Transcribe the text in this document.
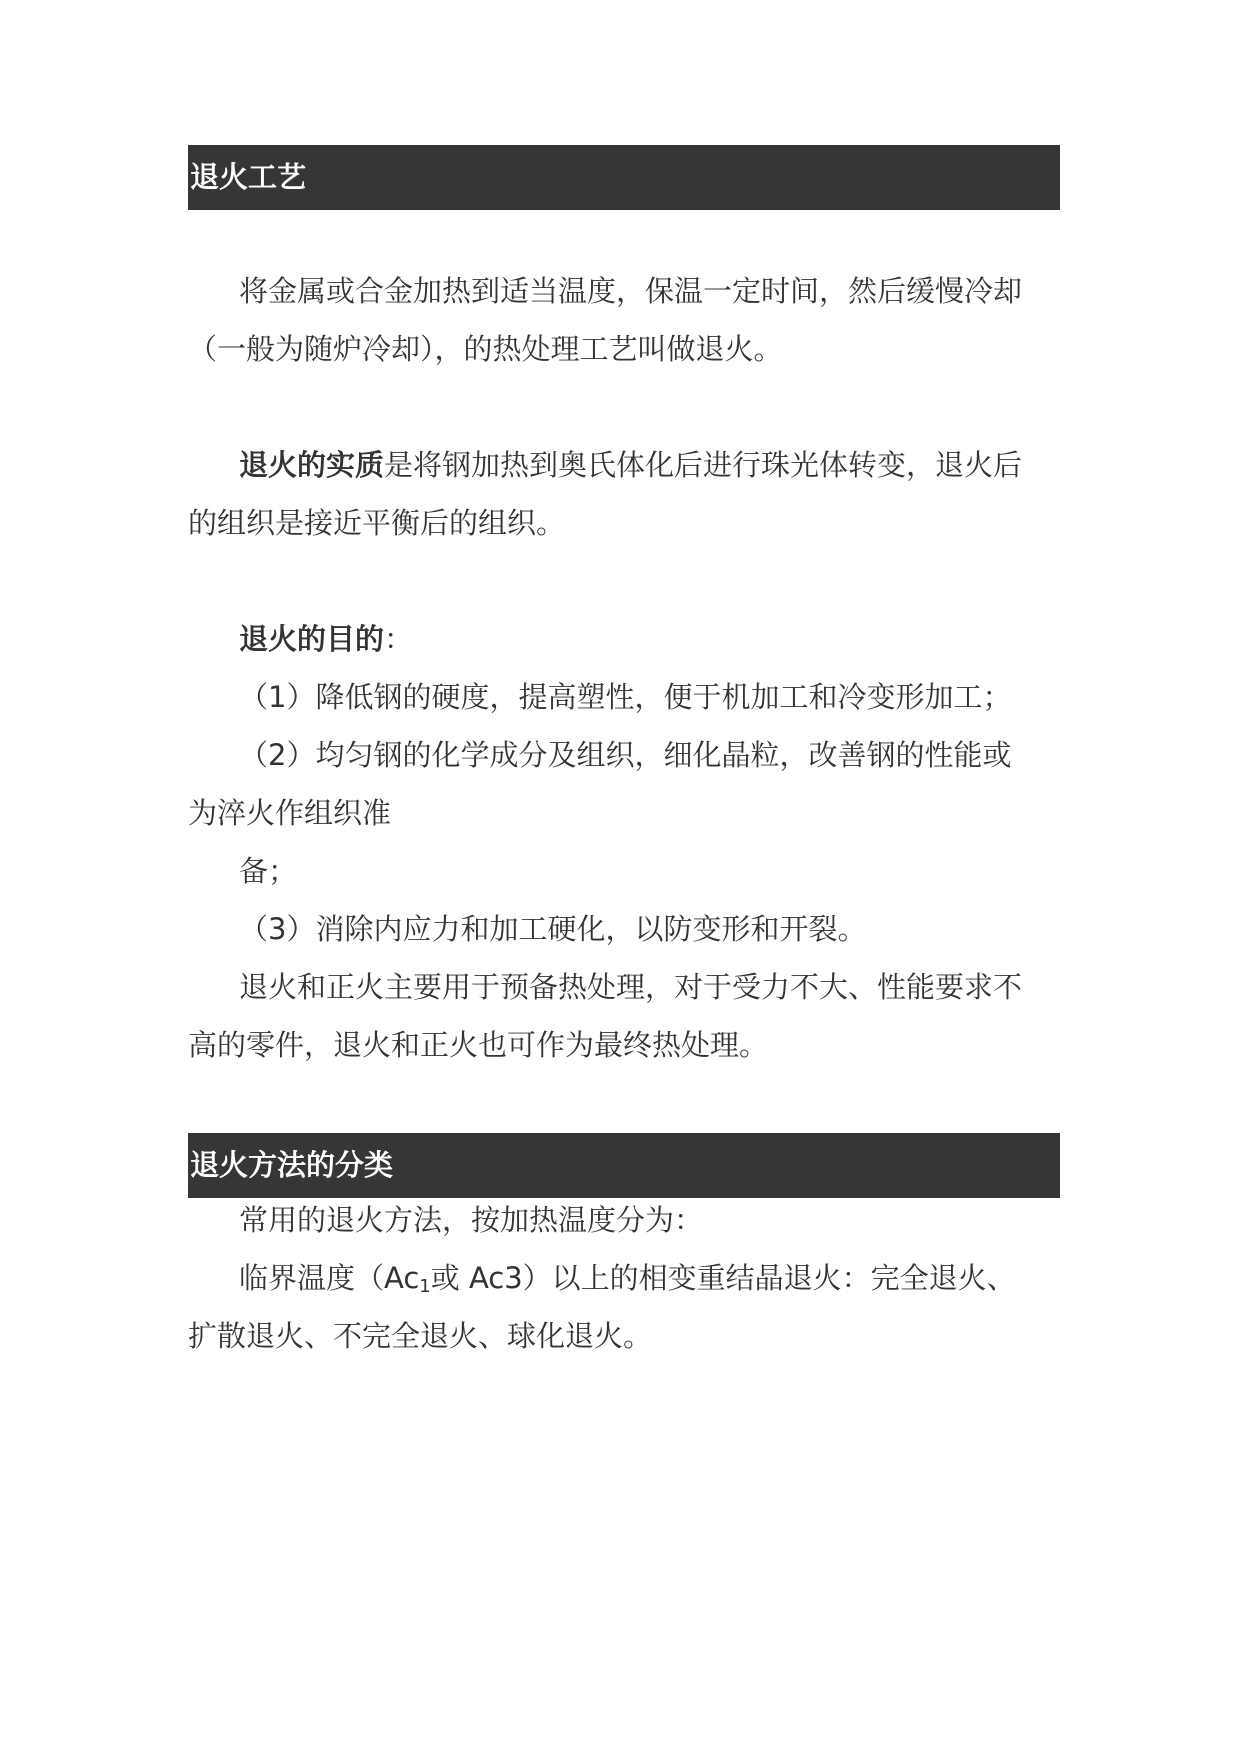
退火工艺
将金属或合金加热到适当温度，保温一定时间，然后缓慢冷却
（一般为随炉冷却），的热处理工艺叫做退火。
退火的实质是将钢加热到奥氏体化后进行珠光体转变，退火后
的组织是接近平衡后的组织。
退火的目的：
（1）降低钢的硬度，提高塑性，便于机加工和冷变形加工；
（2）均匀钢的化学成分及组织，细化晶粒，改善钢的性能或
为淬火作组织准
备；
（3）消除内应力和加工硬化，以防变形和开裂。
退火和正火主要用于预备热处理，对于受力不大、性能要求不
高的零件，退火和正火也可作为最终热处理。
退火方法的分类
常用的退火方法，按加热温度分为：
临界温度（$Ac_1$或 Ac3）以上的相变重结晶退火：完全退火、
扩散退火、不完全退火、球化退火。
